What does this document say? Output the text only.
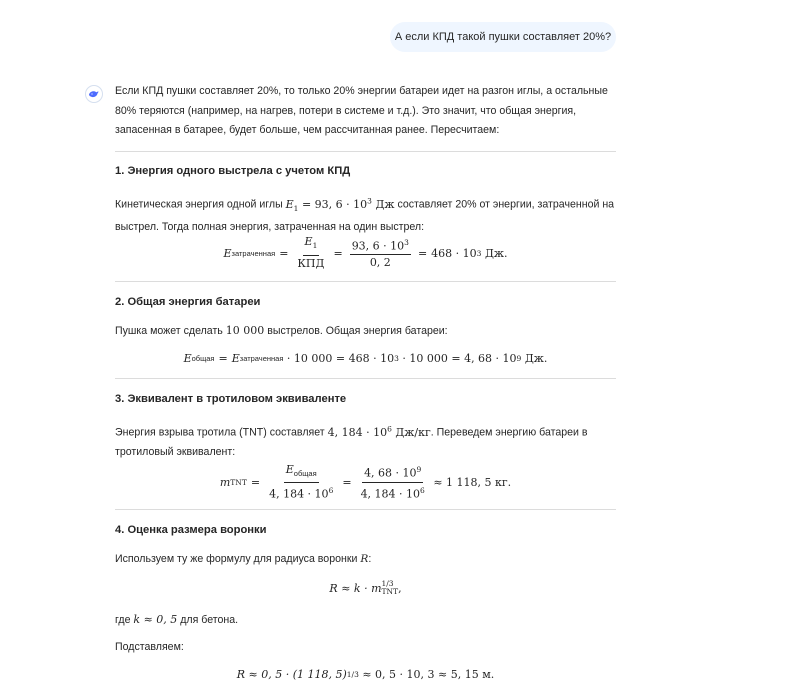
А если КПД такой пушки составляет 20%?

Если КПД пушки составляет 20%, то только 20% энергии батареи идет на разгон иглы, а остальные 80% теряются (например, на нагрев, потери в системе и т.д.). Это значит, что общая энергия, запасенная в батарее, будет больше, чем рассчитанная ранее. Пересчитаем:

1. Энергия одного выстрела с учетом КПД

Кинетическая энергия одной иглы $E_1 = 93$, $6 \cdot 10^3$ Дж составляет 20% от энергии, затраченной на выстрел. Тогда полная энергия, затраченная на один выстрел:

E затраченная = $\frac{E_1}{\text{КПД}} = \frac{93, 6 \cdot 10^3}{0, 2} = 468 \cdot 10$ 3
Дж.

2. Общая энергия батареи

Пушка может сделать 10 000 выстрелов. Общая энергия батареи:

E общая = E затраченная
· 10 000 = 468 · 10 3
· 10 000 = 4, 68 · 10 9
Дж.

3. Эквивалент в тротиловом эквиваленте

Энергия взрыва тротила (TNT) составляет 4, $184 \cdot 10^6$ Дж/кг. Переведем энергию батареи в тротиловый эквивалент:

m TNT = $\frac{E_{общая}}{4, 184 \cdot 10^6} = \frac{4, 68 \cdot 10^9}{4, 184 \cdot 10^6}$
≈ 1 118, 5 кг.

4. Оценка размера воронки

Используем ту же формулу для радиуса воронки R:

R ≈ k · m 1/3
TNT ,

где k ≈ 0, 5 для бетона.

Подставляем:

R ≈ 0, 5 · (1 118, 5) 1/3
≈ 0, 5 · 10, 3 ≈ 5, 15 м.
